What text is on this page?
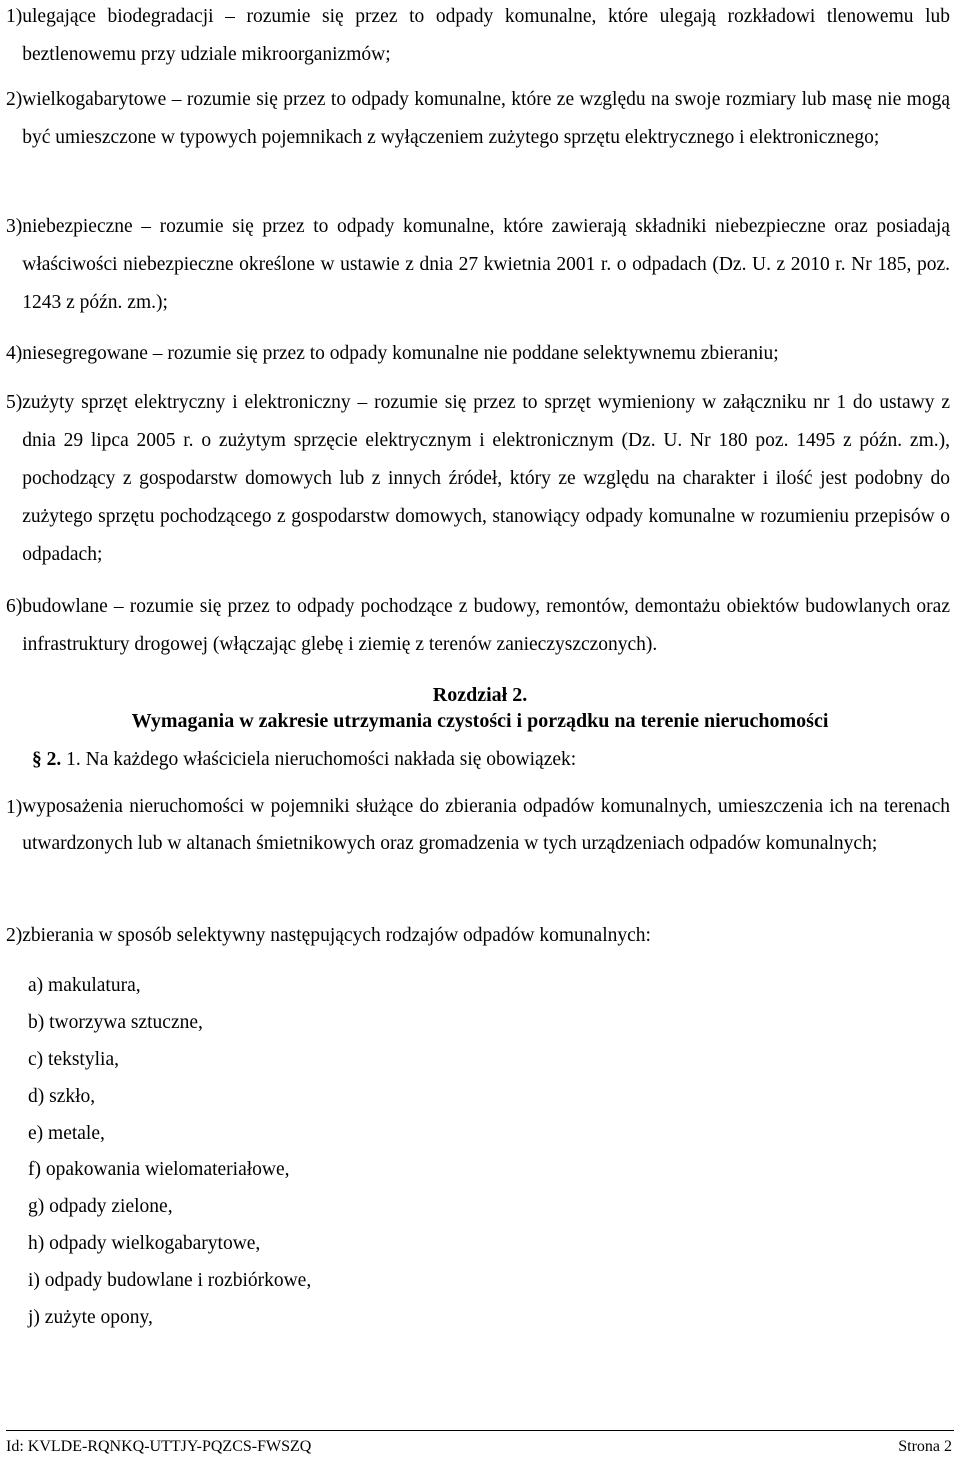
1) ulegające biodegradacji – rozumie się przez to odpady komunalne, które ulegają rozkładowi tlenowemu lub beztlenowemu przy udziale mikroorganizmów;
2) wielkogabarytowe – rozumie się przez to odpady komunalne, które ze względu na swoje rozmiary lub masę nie mogą być umieszczone w typowych pojemnikach z wyłączeniem zużytego sprzętu elektrycznego i elektronicznego;
3) niebezpieczne – rozumie się przez to odpady komunalne, które zawierają składniki niebezpieczne oraz posiadają właściwości niebezpieczne określone w ustawie z dnia 27 kwietnia 2001 r. o odpadach (Dz. U. z 2010 r. Nr 185, poz. 1243 z późn. zm.);
4) niesegregowane – rozumie się przez to odpady komunalne nie poddane selektywnemu zbieraniu;
5) zużyty sprzęt elektryczny i elektroniczny – rozumie się przez to sprzęt wymieniony w załączniku nr 1 do ustawy z dnia 29 lipca 2005 r. o zużytym sprzęcie elektrycznym i elektronicznym (Dz. U. Nr 180 poz. 1495 z późn. zm.), pochodzący z gospodarstw domowych lub z innych źródeł, który ze względu na charakter i ilość jest podobny do zużytego sprzętu pochodzącego z gospodarstw domowych, stanowiący odpady komunalne w rozumieniu przepisów o odpadach;
6) budowlane – rozumie się przez to odpady pochodzące z budowy, remontów, demontażu obiektów budowlanych oraz infrastruktury drogowej (włączając glebę i ziemię z terenów zanieczyszczonych).
Rozdział 2.
Wymagania w zakresie utrzymania czystości i porządku na terenie nieruchomości
§ 2. 1. Na każdego właściciela nieruchomości nakłada się obowiązek:
1) wyposażenia nieruchomości w pojemniki służące do zbierania odpadów komunalnych, umieszczenia ich na terenach utwardzonych lub w altanach śmietnikowych oraz gromadzenia w tych urządzeniach odpadów komunalnych;
2) zbierania w sposób selektywny następujących rodzajów odpadów komunalnych:
a) makulatura,
b) tworzywa sztuczne,
c) tekstylia,
d) szkło,
e) metale,
f) opakowania wielomateriałowe,
g) odpady zielone,
h) odpady wielkogabarytowe,
i) odpady budowlane i rozbiórkowe,
j) zużyte opony,
Id: KVLDE-RQNKQ-UTTJY-PQZCS-FWSZQ	Strona 2
